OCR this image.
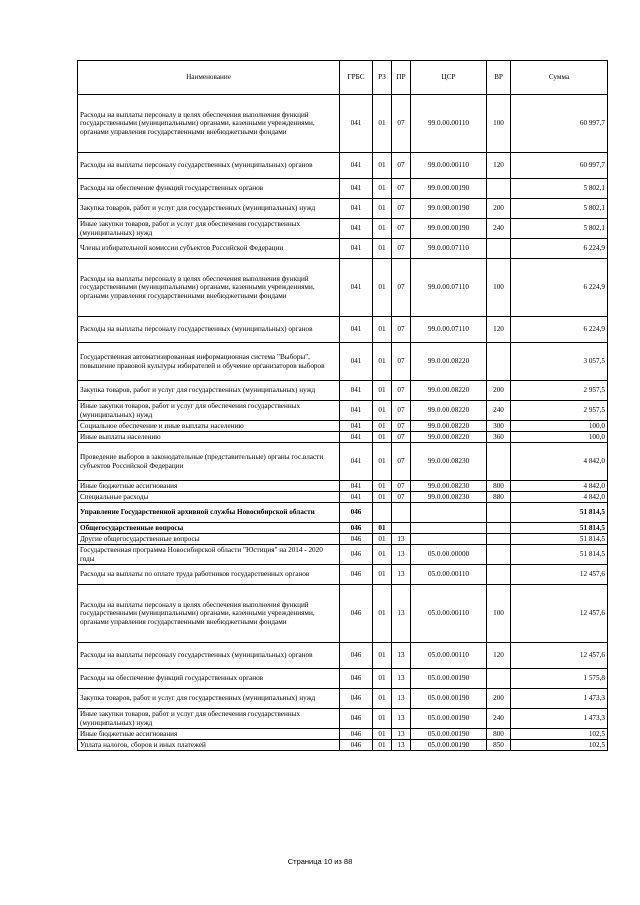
Наименование	ГРБС	РЗ	ПР	ЦСР	ВР	Сумма
Расходы на выплаты персоналу в целях обеспечения выполнения функций государственными (муниципальными) органами, казенными учреждениями, органами управления государственными внебюджетными фондами	041	01	07	99.0.00.00110	100	60 997,7
Расходы на выплаты персоналу государственных (муниципальных) органов	041	01	07	99.0.00.00110	120	60 997,7
Расходы на обеспечение функций государственных органов	041	01	07	99.0.00.00190		5 802,1
Закупка товаров, работ и услуг для государственных (муниципальных) нужд	041	01	07	99.0.00.00190	200	5 802,1
Иные закупки товаров, работ и услуг для обеспечения государственных (муниципальных) нужд	041	01	07	99.0.00.00190	240	5 802,1
Члены избирательной комиссии субъектов Российской Федерации	041	01	07	99.0.00.07110		6 224,9
Расходы на выплаты персоналу в целях обеспечения выполнения функций государственными (муниципальными) органами, казенными учреждениями, органами управления государственными внебюджетными фондами	041	01	07	99.0.00.07110	100	6 224,9
Расходы на выплаты персоналу государственных (муниципальных) органов	041	01	07	99.0.00.07110	120	6 224,9
Государственная автоматизированная информационная система "Выборы", повышение правовой культуры избирателей и обучение организаторов выборов	041	01	07	99.0.00.08220		3 057,5
Закупка товаров, работ и услуг для государственных (муниципальных) нужд	041	01	07	99.0.00.08220	200	2 957,5
Иные закупки товаров, работ и услуг для обеспечения государственных (муниципальных) нужд	041	01	07	99.0.00.08220	240	2 957,5
Социальное обеспечение и иные выплаты населению	041	01	07	99.0.00.08220	300	100,0
Иные выплаты населению	041	01	07	99.0.00.08220	360	100,0
Проведение выборов в законодательные (представительные) органы гос.власти субъектов Российской Федерации	041	01	07	99.0.00.08230		4 842,0
Иные бюджетные ассигнования	041	01	07	99.0.00.08230	800	4 842,0
Специальные расходы	041	01	07	99.0.00.08230	880	4 842,0
Управление Государственной архивной службы Новосибирской области	046					51 814,5
Общегосударственные вопросы	046	01				51 814,5
Другие общегосударственные вопросы	046	01	13			51 814,5
Государственная программа Новосибирской области "Юстиция" на 2014 - 2020 годы	046	01	13	05.0.00.00000		51 814,5
Расходы на выплаты по оплате труда работников государственных органов	046	01	13	05.0.00.00110		12 457,6
Расходы на выплаты персоналу в целях обеспечения выполнения функций государственными (муниципальными) органами, казенными учреждениями, органами управления государственными внебюджетными фондами	046	01	13	05.0.00.00110	100	12 457,6
Расходы на выплаты персоналу государственных (муниципальных) органов	046	01	13	05.0.00.00110	120	12 457,6
Расходы на обеспечение функций государственных органов	046	01	13	05.0.00.00190		1 575,8
Закупка товаров, работ и услуг для государственных (муниципальных) нужд	046	01	13	05.0.00.00190	200	1 473,3
Иные закупки товаров, работ и услуг для обеспечения государственных (муниципальных) нужд	046	01	13	05.0.00.00190	240	1 473,3
Иные бюджетные ассигнования	046	01	13	05.0.00.00190	800	102,5
Уплата налогов, сборов и иных платежей	046	01	13	05.0.00.00190	850	102,5
Страница 10 из 88
